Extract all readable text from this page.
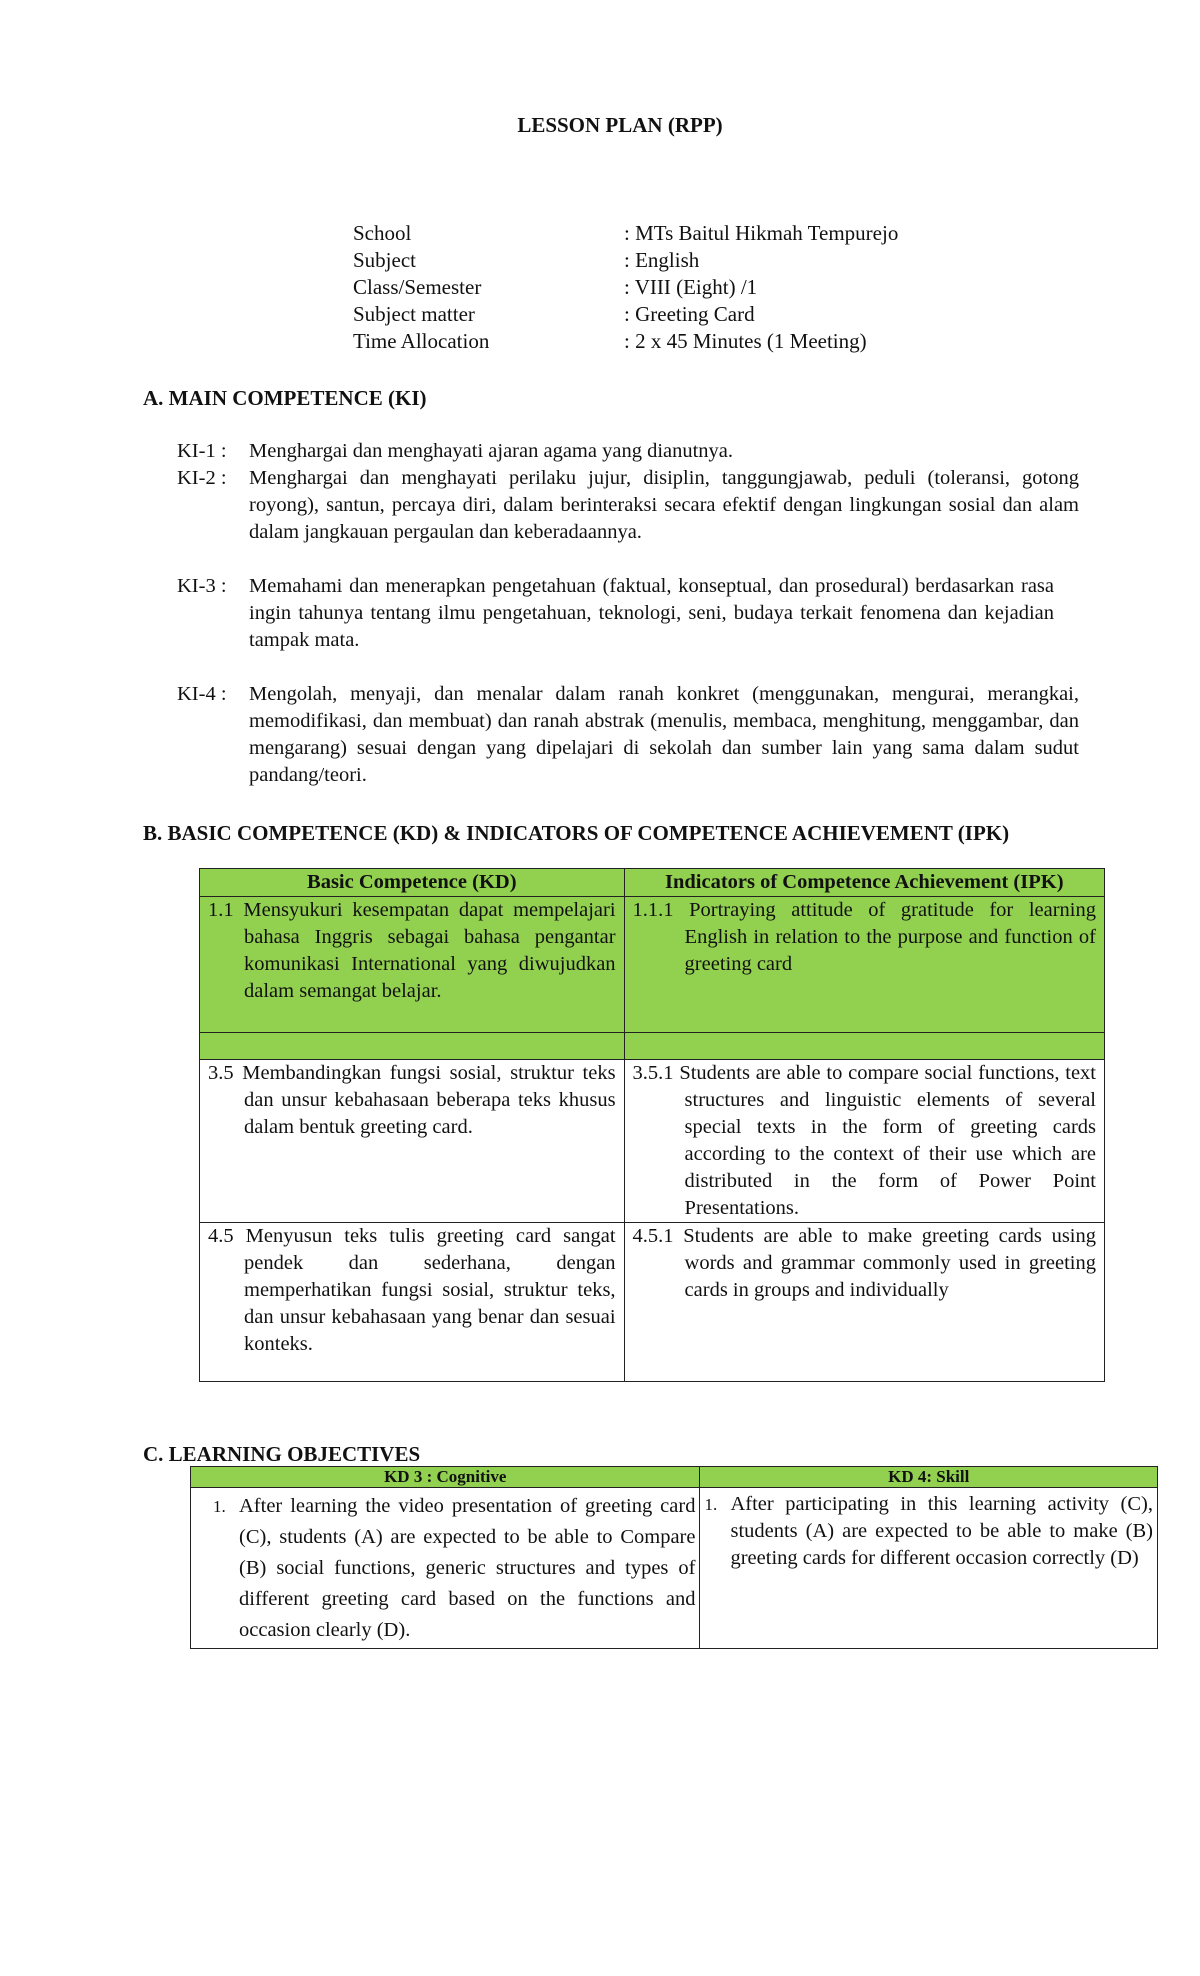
LESSON PLAN (RPP)
School	: MTs Baitul Hikmah Tempurejo
Subject	: English
Class/Semester	: VIII (Eight) /1
Subject matter	: Greeting Card
Time Allocation	: 2 x 45 Minutes (1 Meeting)
A. MAIN COMPETENCE (KI)
KI-1 : Menghargai dan menghayati ajaran agama yang dianutnya.
KI-2 : Menghargai dan menghayati perilaku jujur, disiplin, tanggungjawab, peduli (toleransi, gotong royong), santun, percaya diri, dalam berinteraksi secara efektif dengan lingkungan sosial dan alam dalam jangkauan pergaulan dan keberadaannya.
KI-3 : Memahami dan menerapkan pengetahuan (faktual, konseptual, dan prosedural) berdasarkan rasa ingin tahunya tentang ilmu pengetahuan, teknologi, seni, budaya terkait fenomena dan kejadian tampak mata.
KI-4 : Mengolah, menyaji, dan menalar dalam ranah konkret (menggunakan, mengurai, merangkai, memodifikasi, dan membuat) dan ranah abstrak (menulis, membaca, menghitung, menggambar, dan mengarang) sesuai dengan yang dipelajari di sekolah dan sumber lain yang sama dalam sudut pandang/teori.
B. BASIC COMPETENCE (KD) & INDICATORS OF COMPETENCE ACHIEVEMENT (IPK)
Basic Competence (KD)	Indicators of Competence Achievement (IPK)

1.1 Mensyukuri kesempatan dapat mempelajari bahasa Inggris sebagai bahasa pengantar komunikasi International yang diwujudkan dalam semangat belajar.	1.1.1 Portraying attitude of gratitude for learning English in relation to the purpose and function of greeting card

3.5 Membandingkan fungsi sosial, struktur teks dan unsur kebahasaan beberapa teks khusus dalam bentuk greeting card.	3.5.1 Students are able to compare social functions, text structures and linguistic elements of several special texts in the form of greeting cards according to the context of their use which are distributed in the form of Power Point Presentations.

4.5 Menyusun teks tulis greeting card sangat pendek dan sederhana, dengan memperhatikan fungsi sosial, struktur teks, dan unsur kebahasaan yang benar dan sesuai konteks.	4.5.1 Students are able to make greeting cards using words and grammar commonly used in greeting cards in groups and individually
C. LEARNING OBJECTIVES
KD 3 : Cognitive	KD 4: Skill

1. After learning the video presentation of greeting card (C), students (A) are expected to be able to Compare (B) social functions, generic structures and types of different greeting card based on the functions and occasion clearly (D).	1. After participating in this learning activity (C), students (A) are expected to be able to make (B) greeting cards for different occasion correctly (D)
